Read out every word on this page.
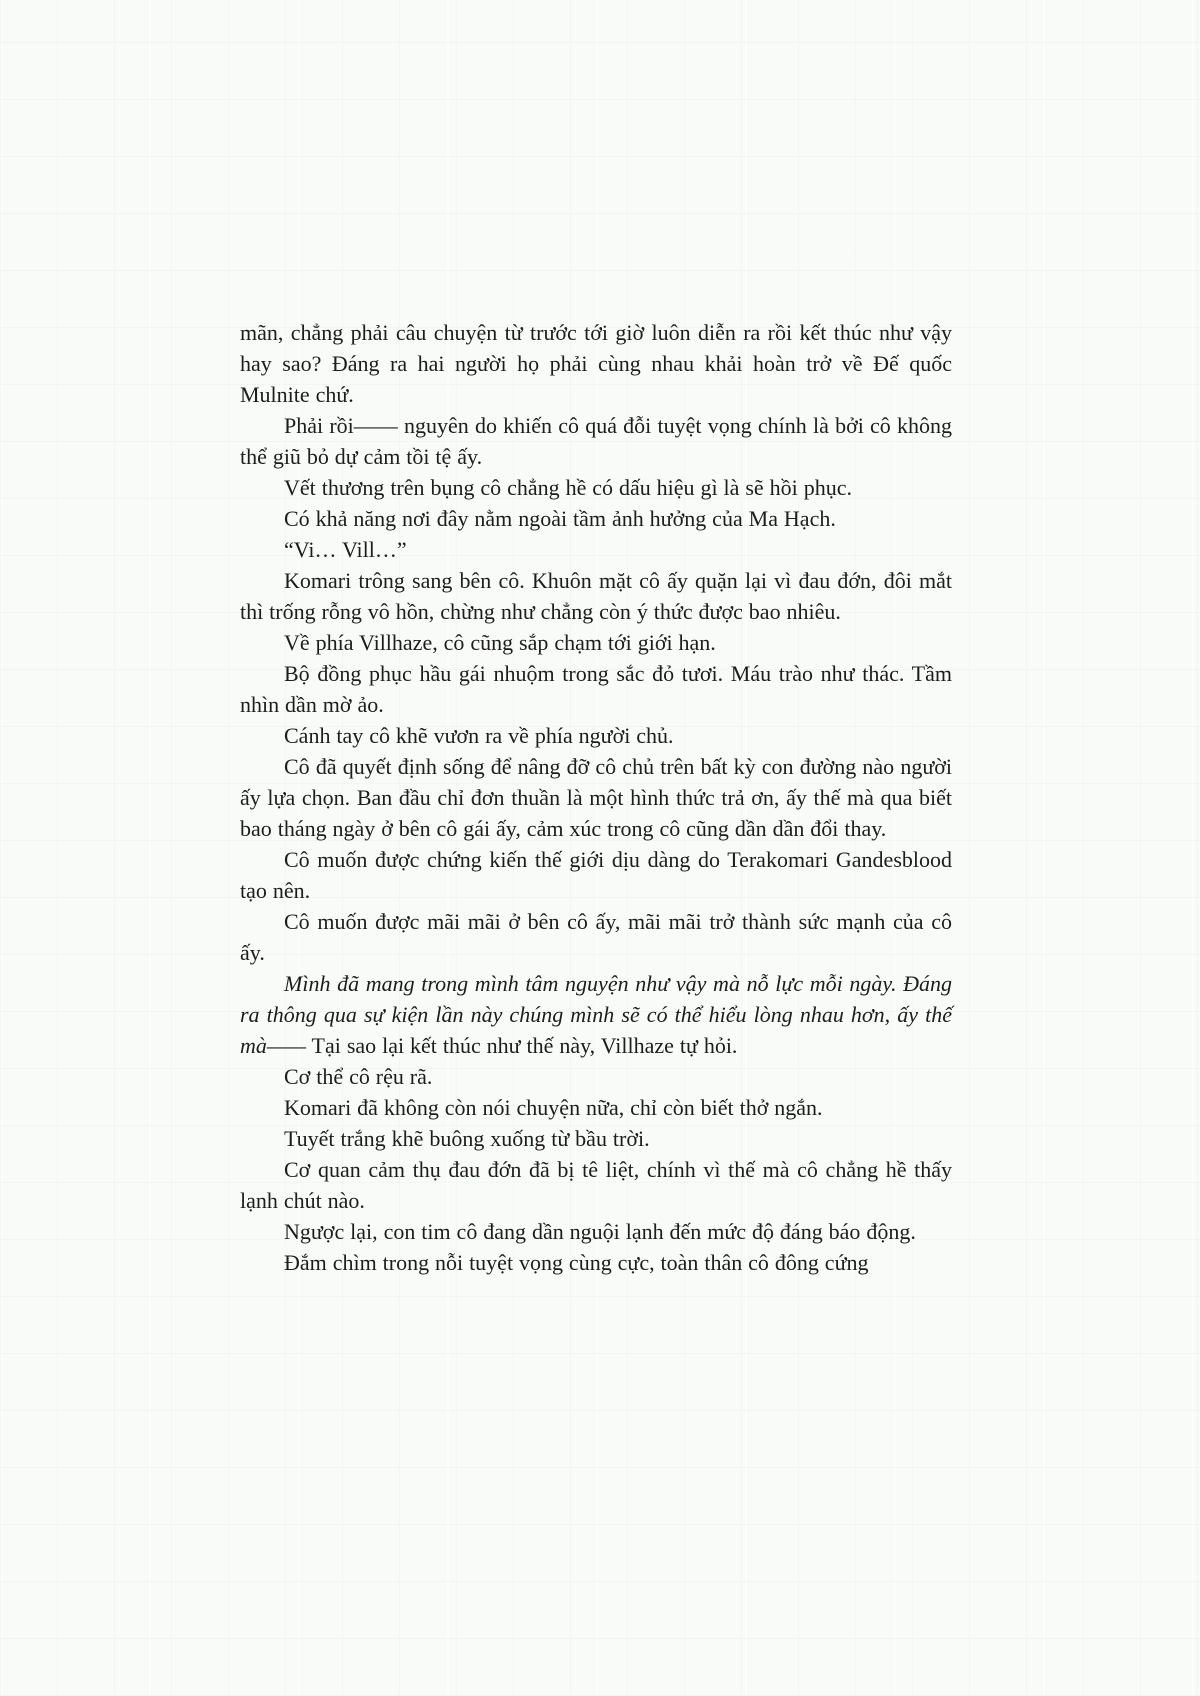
mãn, chẳng phải câu chuyện từ trước tới giờ luôn diễn ra rồi kết thúc như vậy hay sao? Đáng ra hai người họ phải cùng nhau khải hoàn trở về Đế quốc Mulnite chứ.

Phải rồi—— nguyên do khiến cô quá đỗi tuyệt vọng chính là bởi cô không thể giũ bỏ dự cảm tồi tệ ấy.

Vết thương trên bụng cô chẳng hề có dấu hiệu gì là sẽ hồi phục.

Có khả năng nơi đây nằm ngoài tầm ảnh hưởng của Ma Hạch.

“Vi… Vill…”

Komari trông sang bên cô. Khuôn mặt cô ấy quặn lại vì đau đớn, đôi mắt thì trống rỗng vô hồn, chừng như chẳng còn ý thức được bao nhiêu.

Về phía Villhaze, cô cũng sắp chạm tới giới hạn.

Bộ đồng phục hầu gái nhuộm trong sắc đỏ tươi. Máu trào như thác. Tầm nhìn dần mờ ảo.

Cánh tay cô khẽ vươn ra về phía người chủ.

Cô đã quyết định sống để nâng đỡ cô chủ trên bất kỳ con đường nào người ấy lựa chọn. Ban đầu chỉ đơn thuần là một hình thức trả ơn, ấy thế mà qua biết bao tháng ngày ở bên cô gái ấy, cảm xúc trong cô cũng dần dần đổi thay.

Cô muốn được chứng kiến thế giới dịu dàng do Terakomari Gandesblood tạo nên.

Cô muốn được mãi mãi ở bên cô ấy, mãi mãi trở thành sức mạnh của cô ấy.

Mình đã mang trong mình tâm nguyện như vậy mà nỗ lực mỗi ngày. Đáng ra thông qua sự kiện lần này chúng mình sẽ có thể hiểu lòng nhau hơn, ấy thế mà—— Tại sao lại kết thúc như thế này, Villhaze tự hỏi.

Cơ thể cô rệu rã.

Komari đã không còn nói chuyện nữa, chỉ còn biết thở ngắn.

Tuyết trắng khẽ buông xuống từ bầu trời.

Cơ quan cảm thụ đau đớn đã bị tê liệt, chính vì thế mà cô chẳng hề thấy lạnh chút nào.

Ngược lại, con tim cô đang dần nguội lạnh đến mức độ đáng báo động.

Đắm chìm trong nỗi tuyệt vọng cùng cực, toàn thân cô đông cứng
